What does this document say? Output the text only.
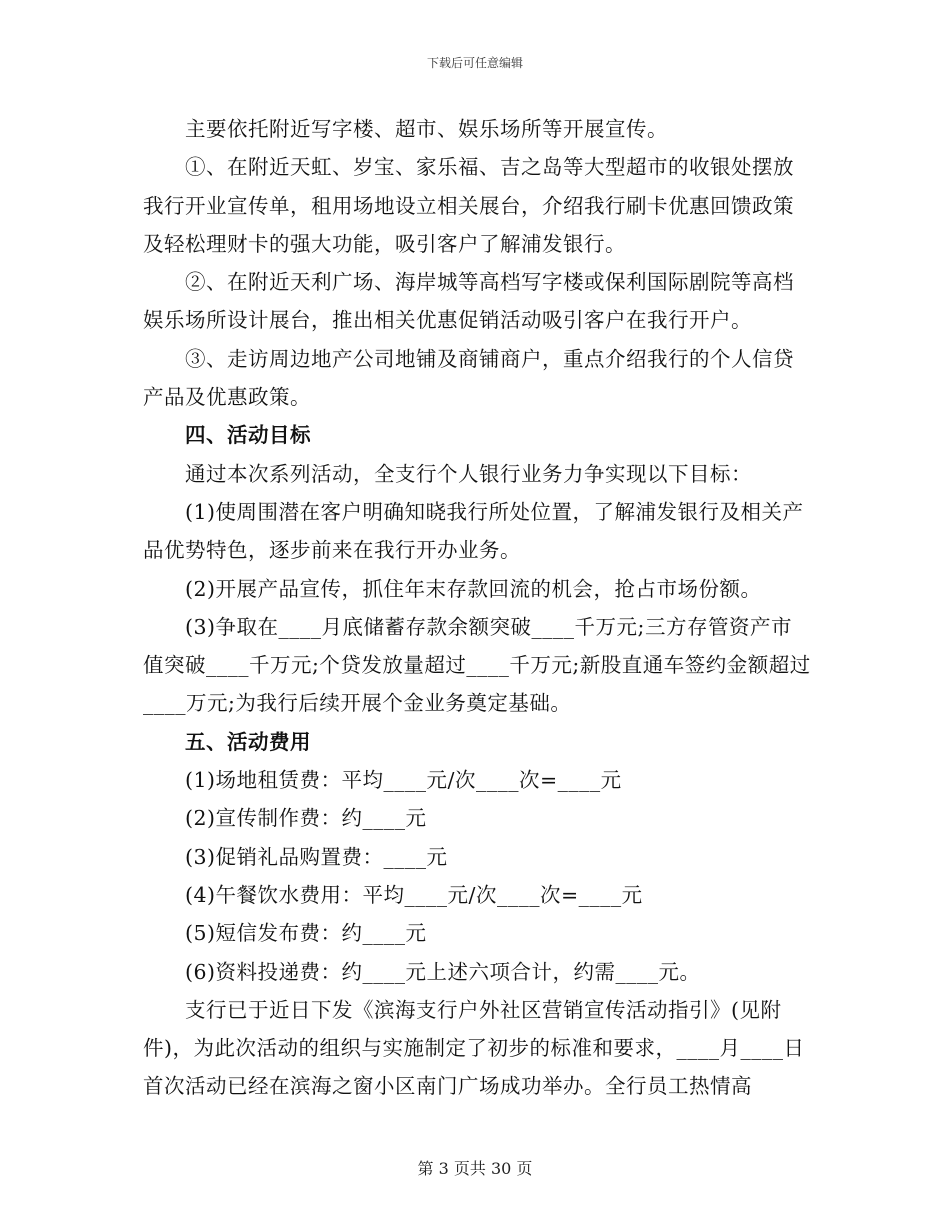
下载后可任意编辑

主要依托附近写字楼、超市、娱乐场所等开展宣传。

①、在附近天虹、岁宝、家乐福、吉之岛等大型超市的收银处摆放我行开业宣传单，租用场地设立相关展台，介绍我行刷卡优惠回馈政策及轻松理财卡的强大功能，吸引客户了解浦发银行。

②、在附近天利广场、海岸城等高档写字楼或保利国际剧院等高档娱乐场所设计展台，推出相关优惠促销活动吸引客户在我行开户。

③、走访周边地产公司地铺及商铺商户，重点介绍我行的个人信贷产品及优惠政策。

四、活动目标

通过本次系列活动，全支行个人银行业务力争实现以下目标：

(1)使周围潜在客户明确知晓我行所处位置，了解浦发银行及相关产品优势特色，逐步前来在我行开办业务。

(2)开展产品宣传，抓住年末存款回流的机会，抢占市场份额。

(3)争取在____月底储蓄存款余额突破____千万元;三方存管资产市值突破____千万元;个贷发放量超过____千万元;新股直通车签约金额超过____万元;为我行后续开展个金业务奠定基础。

五、活动费用

(1)场地租赁费：平均____元/次____次=____元

(2)宣传制作费：约____元

(3)促销礼品购置费：____元

(4)午餐饮水费用：平均____元/次____次=____元

(5)短信发布费：约____元

(6)资料投递费：约____元上述六项合计，约需____元。

支行已于近日下发《滨海支行户外社区营销宣传活动指引》(见附件)，为此次活动的组织与实施制定了初步的标准和要求，____月____日首次活动已经在滨海之窗小区南门广场成功举办。全行员工热情高

第 3 页共 30 页
